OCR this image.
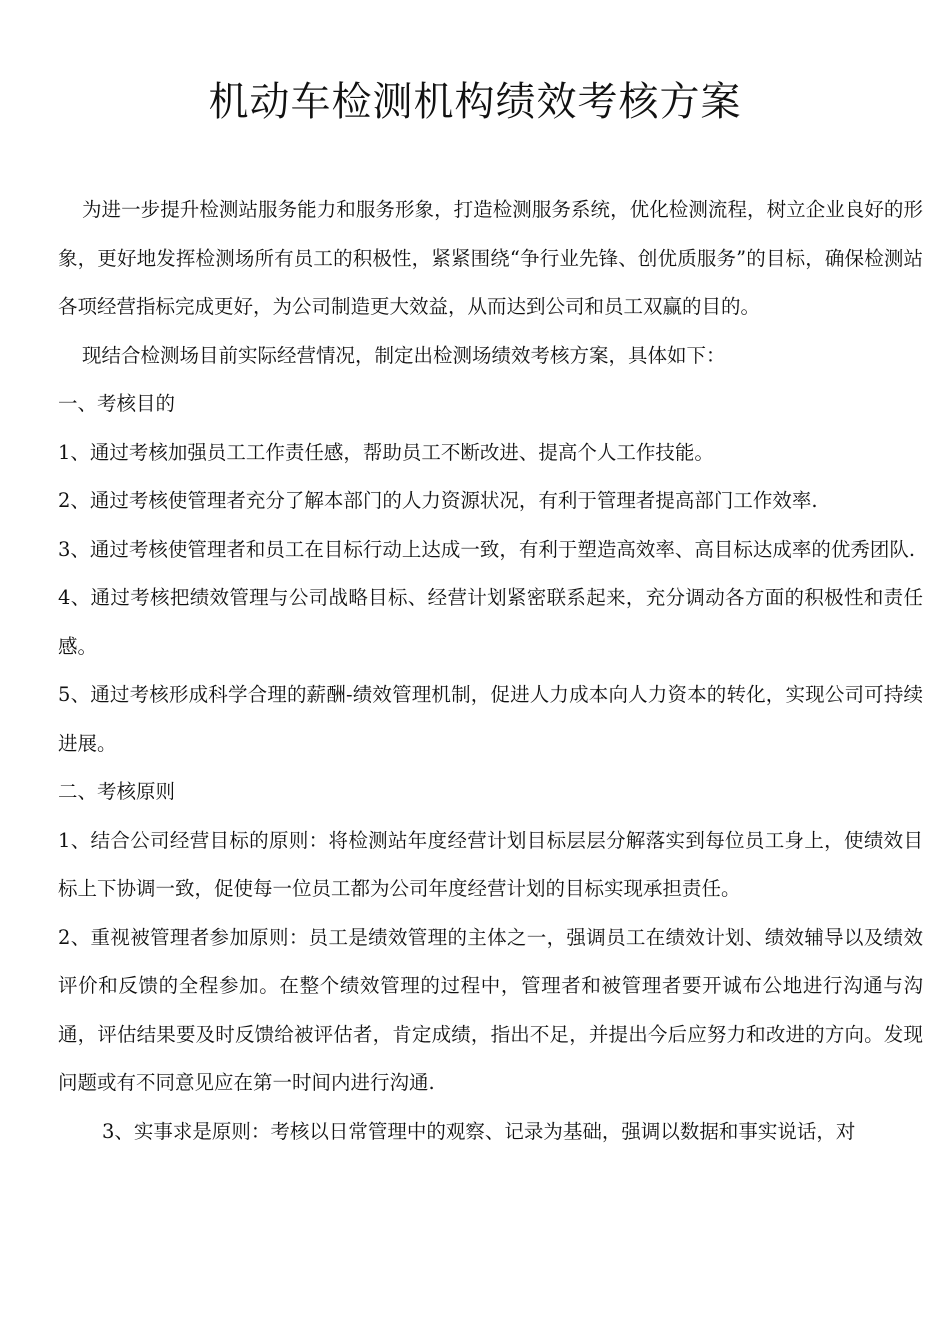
机动车检测机构绩效考核方案

为进一步提升检测站服务能力和服务形象，打造检测服务系统，优化检测流程，树立企业良好的形象，更好地发挥检测场所有员工的积极性，紧紧围绕“争行业先锋、创优质服务”的目标，确保检测站各项经营指标完成更好，为公司制造更大效益，从而达到公司和员工双赢的目的。

现结合检测场目前实际经营情况，制定出检测场绩效考核方案，具体如下：

一、考核目的

1、通过考核加强员工工作责任感，帮助员工不断改进、提高个人工作技能。

2、通过考核使管理者充分了解本部门的人力资源状况，有利于管理者提高部门工作效率.

3、通过考核使管理者和员工在目标行动上达成一致，有利于塑造高效率、高目标达成率的优秀团队.

4、通过考核把绩效管理与公司战略目标、经营计划紧密联系起来，充分调动各方面的积极性和责任感。

5、通过考核形成科学合理的薪酬-绩效管理机制，促进人力成本向人力资本的转化，实现公司可持续进展。

二、考核原则

1、结合公司经营目标的原则：将检测站年度经营计划目标层层分解落实到每位员工身上，使绩效目标上下协调一致，促使每一位员工都为公司年度经营计划的目标实现承担责任。

2、重视被管理者参加原则：员工是绩效管理的主体之一，强调员工在绩效计划、绩效辅导以及绩效评价和反馈的全程参加。在整个绩效管理的过程中，管理者和被管理者要开诚布公地进行沟通与沟通，评估结果要及时反馈给被评估者，肯定成绩，指出不足，并提出今后应努力和改进的方向。发现问题或有不同意见应在第一时间内进行沟通.

3、实事求是原则：考核以日常管理中的观察、记录为基础，强调以数据和事实说话，对
